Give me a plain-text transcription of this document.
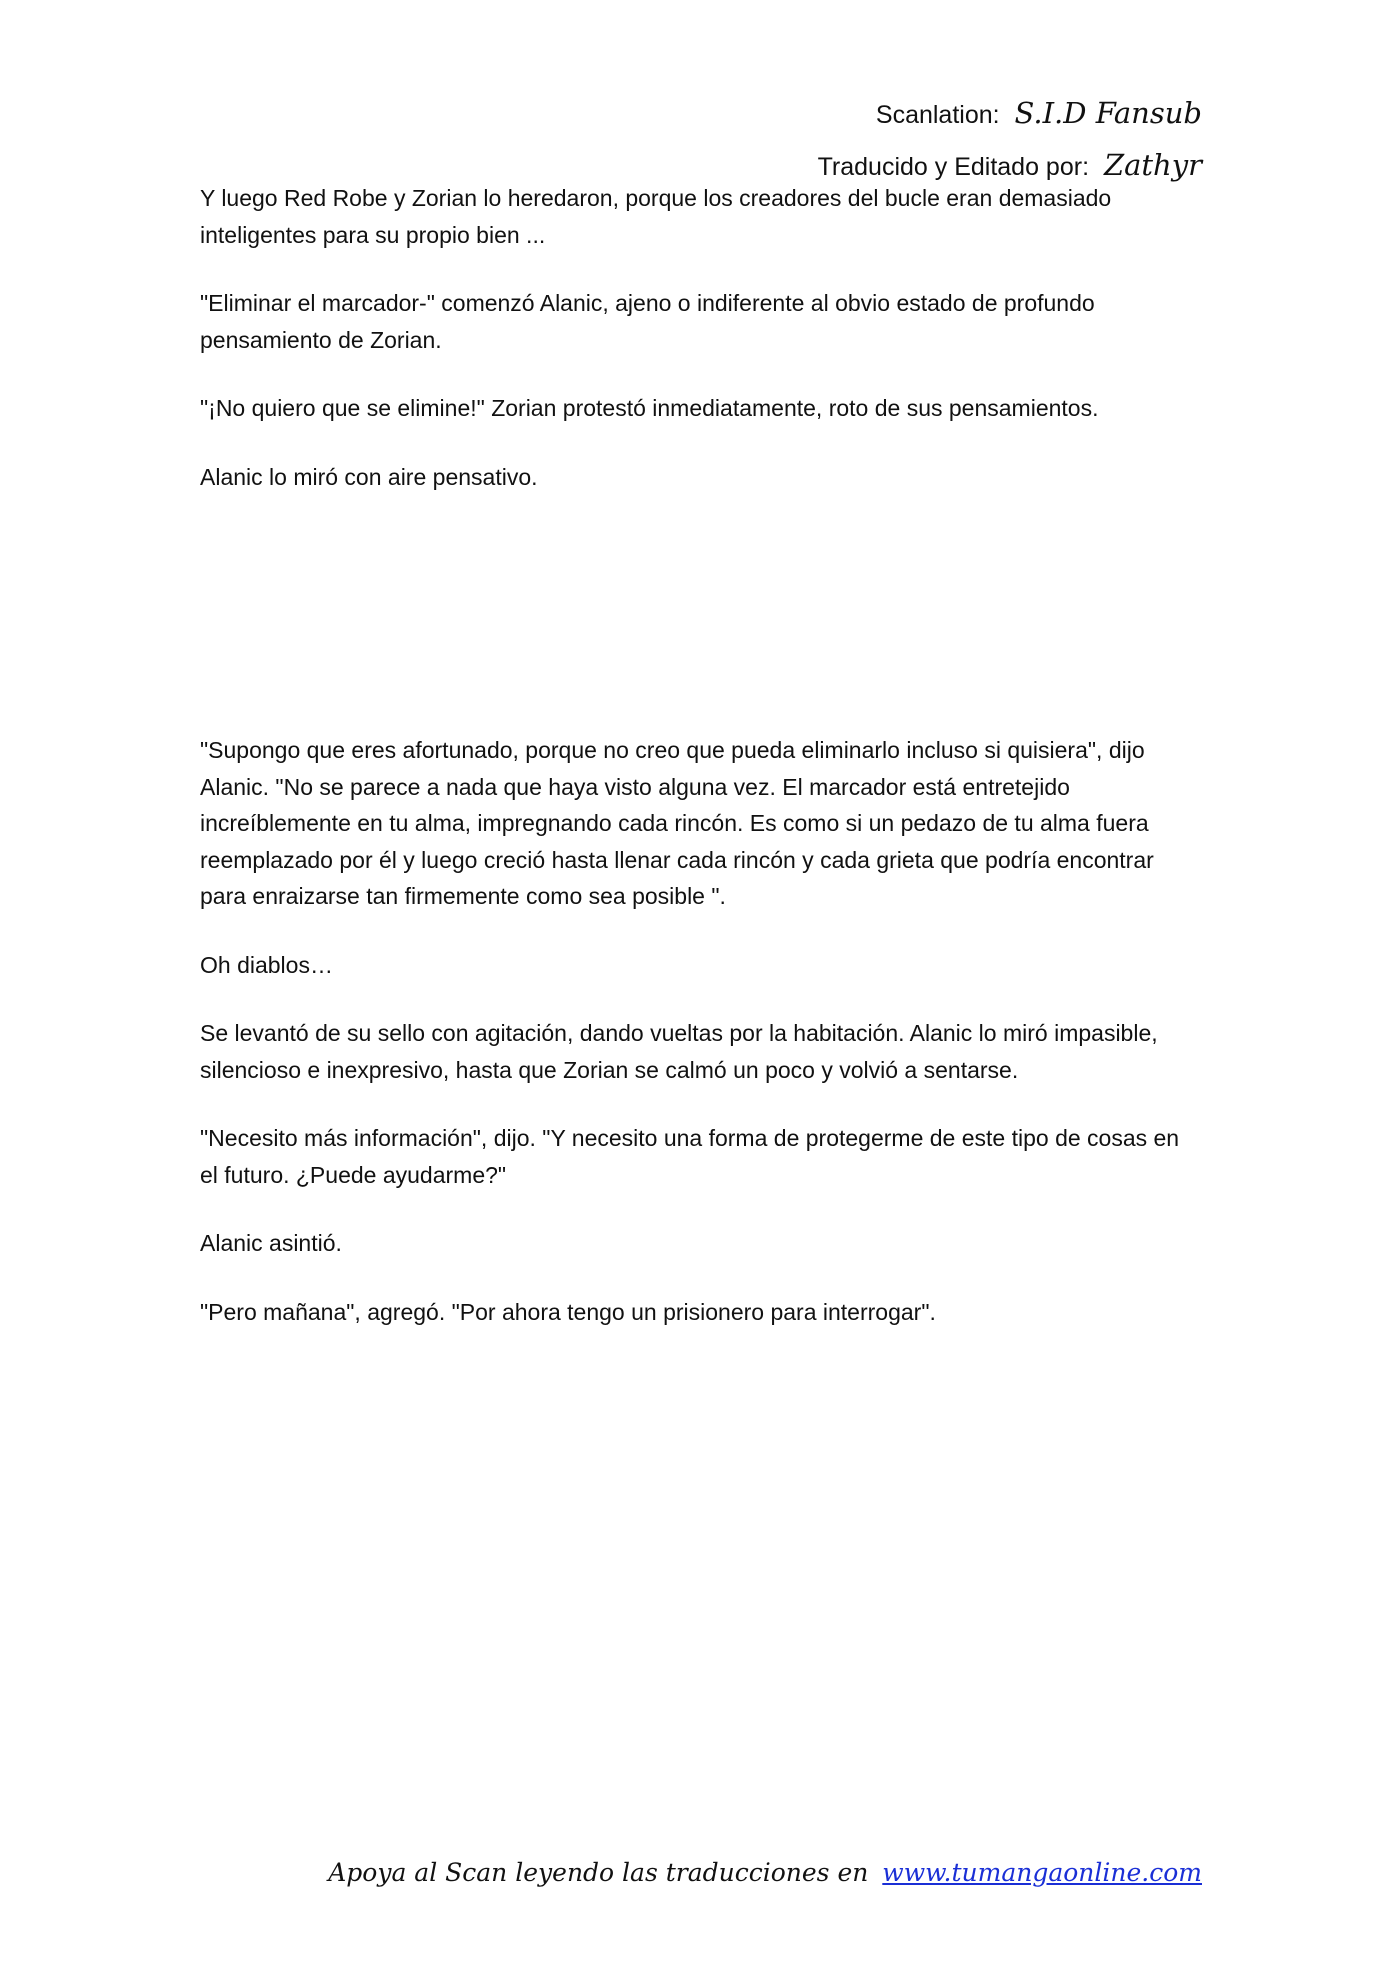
Scanlation: S.I.D Fansub
Traducido y Editado por: Zathyr

Y luego Red Robe y Zorian lo heredaron, porque los creadores del bucle eran demasiado inteligentes para su propio bien ...

"Eliminar el marcador-" comenzó Alanic, ajeno o indiferente al obvio estado de profundo pensamiento de Zorian.

"¡No quiero que se elimine!" Zorian protestó inmediatamente, roto de sus pensamientos.

Alanic lo miró con aire pensativo.

"Supongo que eres afortunado, porque no creo que pueda eliminarlo incluso si quisiera", dijo Alanic. "No se parece a nada que haya visto alguna vez. El marcador está entretejido increíblemente en tu alma, impregnando cada rincón. Es como si un pedazo de tu alma fuera reemplazado por él y luego creció hasta llenar cada rincón y cada grieta que podría encontrar para enraizarse tan firmemente como sea posible ".

Oh diablos…

Se levantó de su sello con agitación, dando vueltas por la habitación. Alanic lo miró impasible, silencioso e inexpresivo, hasta que Zorian se calmó un poco y volvió a sentarse.

"Necesito más información", dijo. "Y necesito una forma de protegerme de este tipo de cosas en el futuro. ¿Puede ayudarme?"

Alanic asintió.

"Pero mañana", agregó. "Por ahora tengo un prisionero para interrogar".

Apoya al Scan leyendo las traducciones en www.tumangaonline.com
